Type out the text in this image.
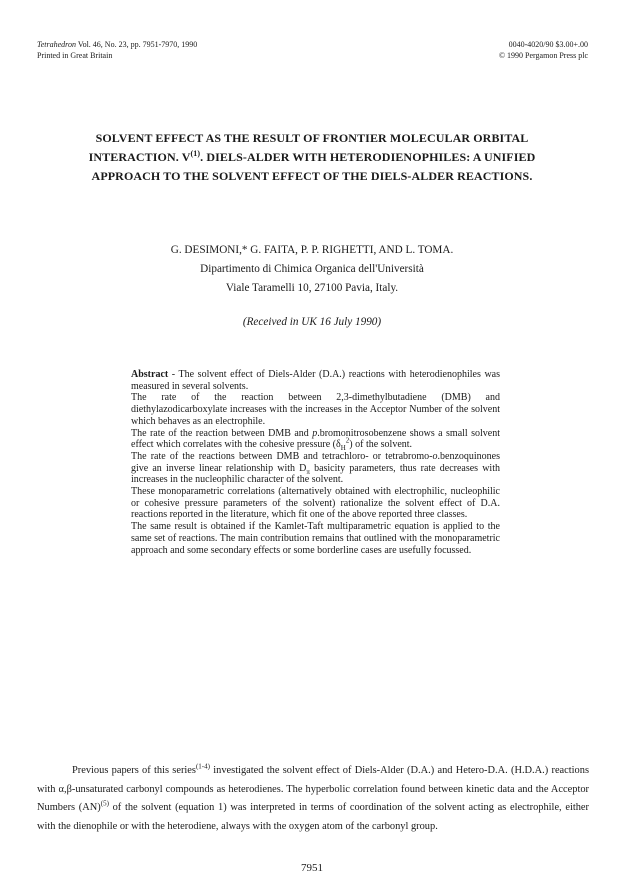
Tetrahedron Vol. 46, No. 23, pp. 7951-7970, 1990
Printed in Great Britain
0040-4020/90 $3.00+.00
© 1990 Pergamon Press plc
SOLVENT EFFECT AS THE RESULT OF FRONTIER MOLECULAR ORBITAL
INTERACTION. $V^{(1)}$. DIELS-ALDER WITH HETERODIENOPHILES: A UNIFIED
APPROACH TO THE SOLVENT EFFECT OF THE DIELS-ALDER REACTIONS.
G. DESIMONI,* G. FAITA, P. P. RIGHETTI, AND L. TOMA.
Dipartimento di Chimica Organica dell'Università
Viale Taramelli 10, 27100 Pavia, Italy.
(Received in UK 16 July 1990)

Abstract - The solvent effect of Diels-Alder (D.A.) reactions with heterodienophiles was measured in several solvents.

The rate of the reaction between 2,3-dimethylbutadiene (DMB) and diethylazodicarboxylate increases with the increases in the Acceptor Number of the solvent which behaves as an electrophile.

The rate of the reaction between DMB and p.bromonitrosobenzene shows a small solvent effect which correlates with the cohesive pressure $(\delta_H^2)$ of the solvent.

The rate of the reactions between DMB and tetrachloro- or tetrabromo-o.benzoquinones give an inverse linear relationship with $D_\pi$ basicity parameters, thus rate decreases with increases in the nucleophilic character of the solvent.

These monoparametric correlations (alternatively obtained with electrophilic, nucleophilic or cohesive pressure parameters of the solvent) rationalize the solvent effect of D.A. reactions reported in the literature, which fit one of the above reported three classes.

The same result is obtained if the Kamlet-Taft multiparametric equation is applied to the same set of reactions. The main contribution remains that outlined with the monoparametric approach and some secondary effects or some borderline cases are usefully focussed.

Previous papers of this series$^{(1-4)}$ investigated the solvent effect of Diels-Alder (D.A.) and Hetero-D.A. (H.D.A.) reactions with α,β-unsaturated carbonyl compounds as heterodienes. The hyperbolic correlation found between kinetic data and the Acceptor Numbers (AN)$^{(5)}$ of the solvent (equation 1) was interpreted in terms of coordination of the solvent acting as electrophile, either with the dienophile or with the heterodiene, always with the oxygen atom of the carbonyl group.

7951
